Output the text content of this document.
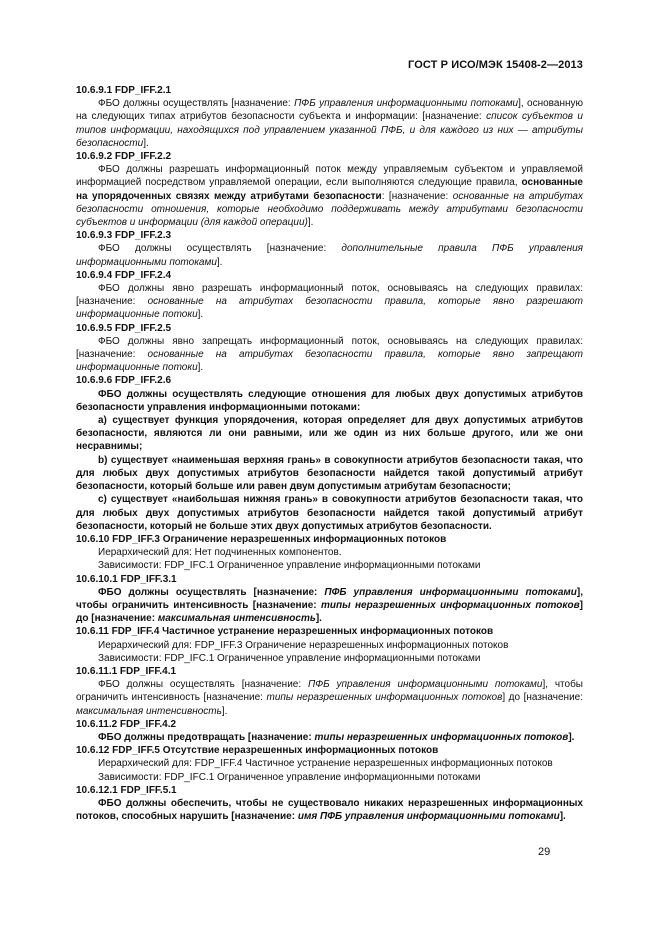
ГОСТ Р ИСО/МЭК 15408-2—2013

10.6.9.1 FDP_IFF.2.1

ФБО должны осуществлять [назначение: ПФБ управления информационными потоками], основанную на следующих типах атрибутов безопасности субъекта и информации: [назначение: список субъектов и типов информации, находящихся под управлением указанной ПФБ, и для каждого из них — атрибуты безопасности].

10.6.9.2 FDP_IFF.2.2

ФБО должны разрешать информационный поток между управляемым субъектом и управляемой информацией посредством управляемой операции, если выполняются следующие правила, основанные на упорядоченных связях между атрибутами безопасности: [назначение: основанные на атрибутах безопасности отношения, которые необходимо поддерживать между атрибутами безопасности субъектов и информации (для каждой операции)].

10.6.9.3 FDP_IFF.2.3

ФБО должны осуществлять [назначение: дополнительные правила ПФБ управления информационными потоками].

10.6.9.4 FDP_IFF.2.4

ФБО должны явно разрешать информационный поток, основываясь на следующих правилах: [назначение: основанные на атрибутах безопасности правила, которые явно разрешают информационные потоки].

10.6.9.5 FDP_IFF.2.5

ФБО должны явно запрещать информационный поток, основываясь на следующих правилах: [назначение: основанные на атрибутах безопасности правила, которые явно запрещают информационные потоки].

10.6.9.6 FDP_IFF.2.6

ФБО должны осуществлять следующие отношения для любых двух допустимых атрибутов безопасности управления информационными потоками:

a) существует функция упорядочения, которая определяет для двух допустимых атрибутов безопасности, являются ли они равными, или же один из них больше другого, или же они несравнимы;

b) существует «наименьшая верхняя грань» в совокупности атрибутов безопасности такая, что для любых двух допустимых атрибутов безопасности найдется такой допустимый атрибут безопасности, который больше или равен двум допустимым атрибутам безопасности;

c) существует «наибольшая нижняя грань» в совокупности атрибутов безопасности такая, что для любых двух допустимых атрибутов безопасности найдется такой допустимый атрибут безопасности, который не больше этих двух допустимых атрибутов безопасности.

10.6.10 FDP_IFF.3 Ограничение неразрешенных информационных потоков

Иерархический для: Нет подчиненных компонентов.

Зависимости: FDP_IFC.1 Ограниченное управление информационными потоками

10.6.10.1 FDP_IFF.3.1

ФБО должны осуществлять [назначение: ПФБ управления информационными потоками], чтобы ограничить интенсивность [назначение: типы неразрешенных информационных потоков] до [назначение: максимальная интенсивность].

10.6.11 FDP_IFF.4 Частичное устранение неразрешенных информационных потоков

Иерархический для: FDP_IFF.3 Ограничение неразрешенных информационных потоков

Зависимости: FDP_IFC.1 Ограниченное управление информационными потоками

10.6.11.1 FDP_IFF.4.1

ФБО должны осуществлять [назначение: ПФБ управления информационными потоками], чтобы ограничить интенсивность [назначение: типы неразрешенных информационных потоков] до [назначение: максимальная интенсивность].

10.6.11.2 FDP_IFF.4.2

ФБО должны предотвращать [назначение: типы неразрешенных информационных потоков].

10.6.12 FDP_IFF.5 Отсутствие неразрешенных информационных потоков

Иерархический для: FDP_IFF.4 Частичное устранение неразрешенных информационных потоков

Зависимости: FDP_IFC.1 Ограниченное управление информационными потоками

10.6.12.1 FDP_IFF.5.1

ФБО должны обеспечить, чтобы не существовало никаких неразрешенных информационных потоков, способных нарушить [назначение: имя ПФБ управления информационными потоками].

29
